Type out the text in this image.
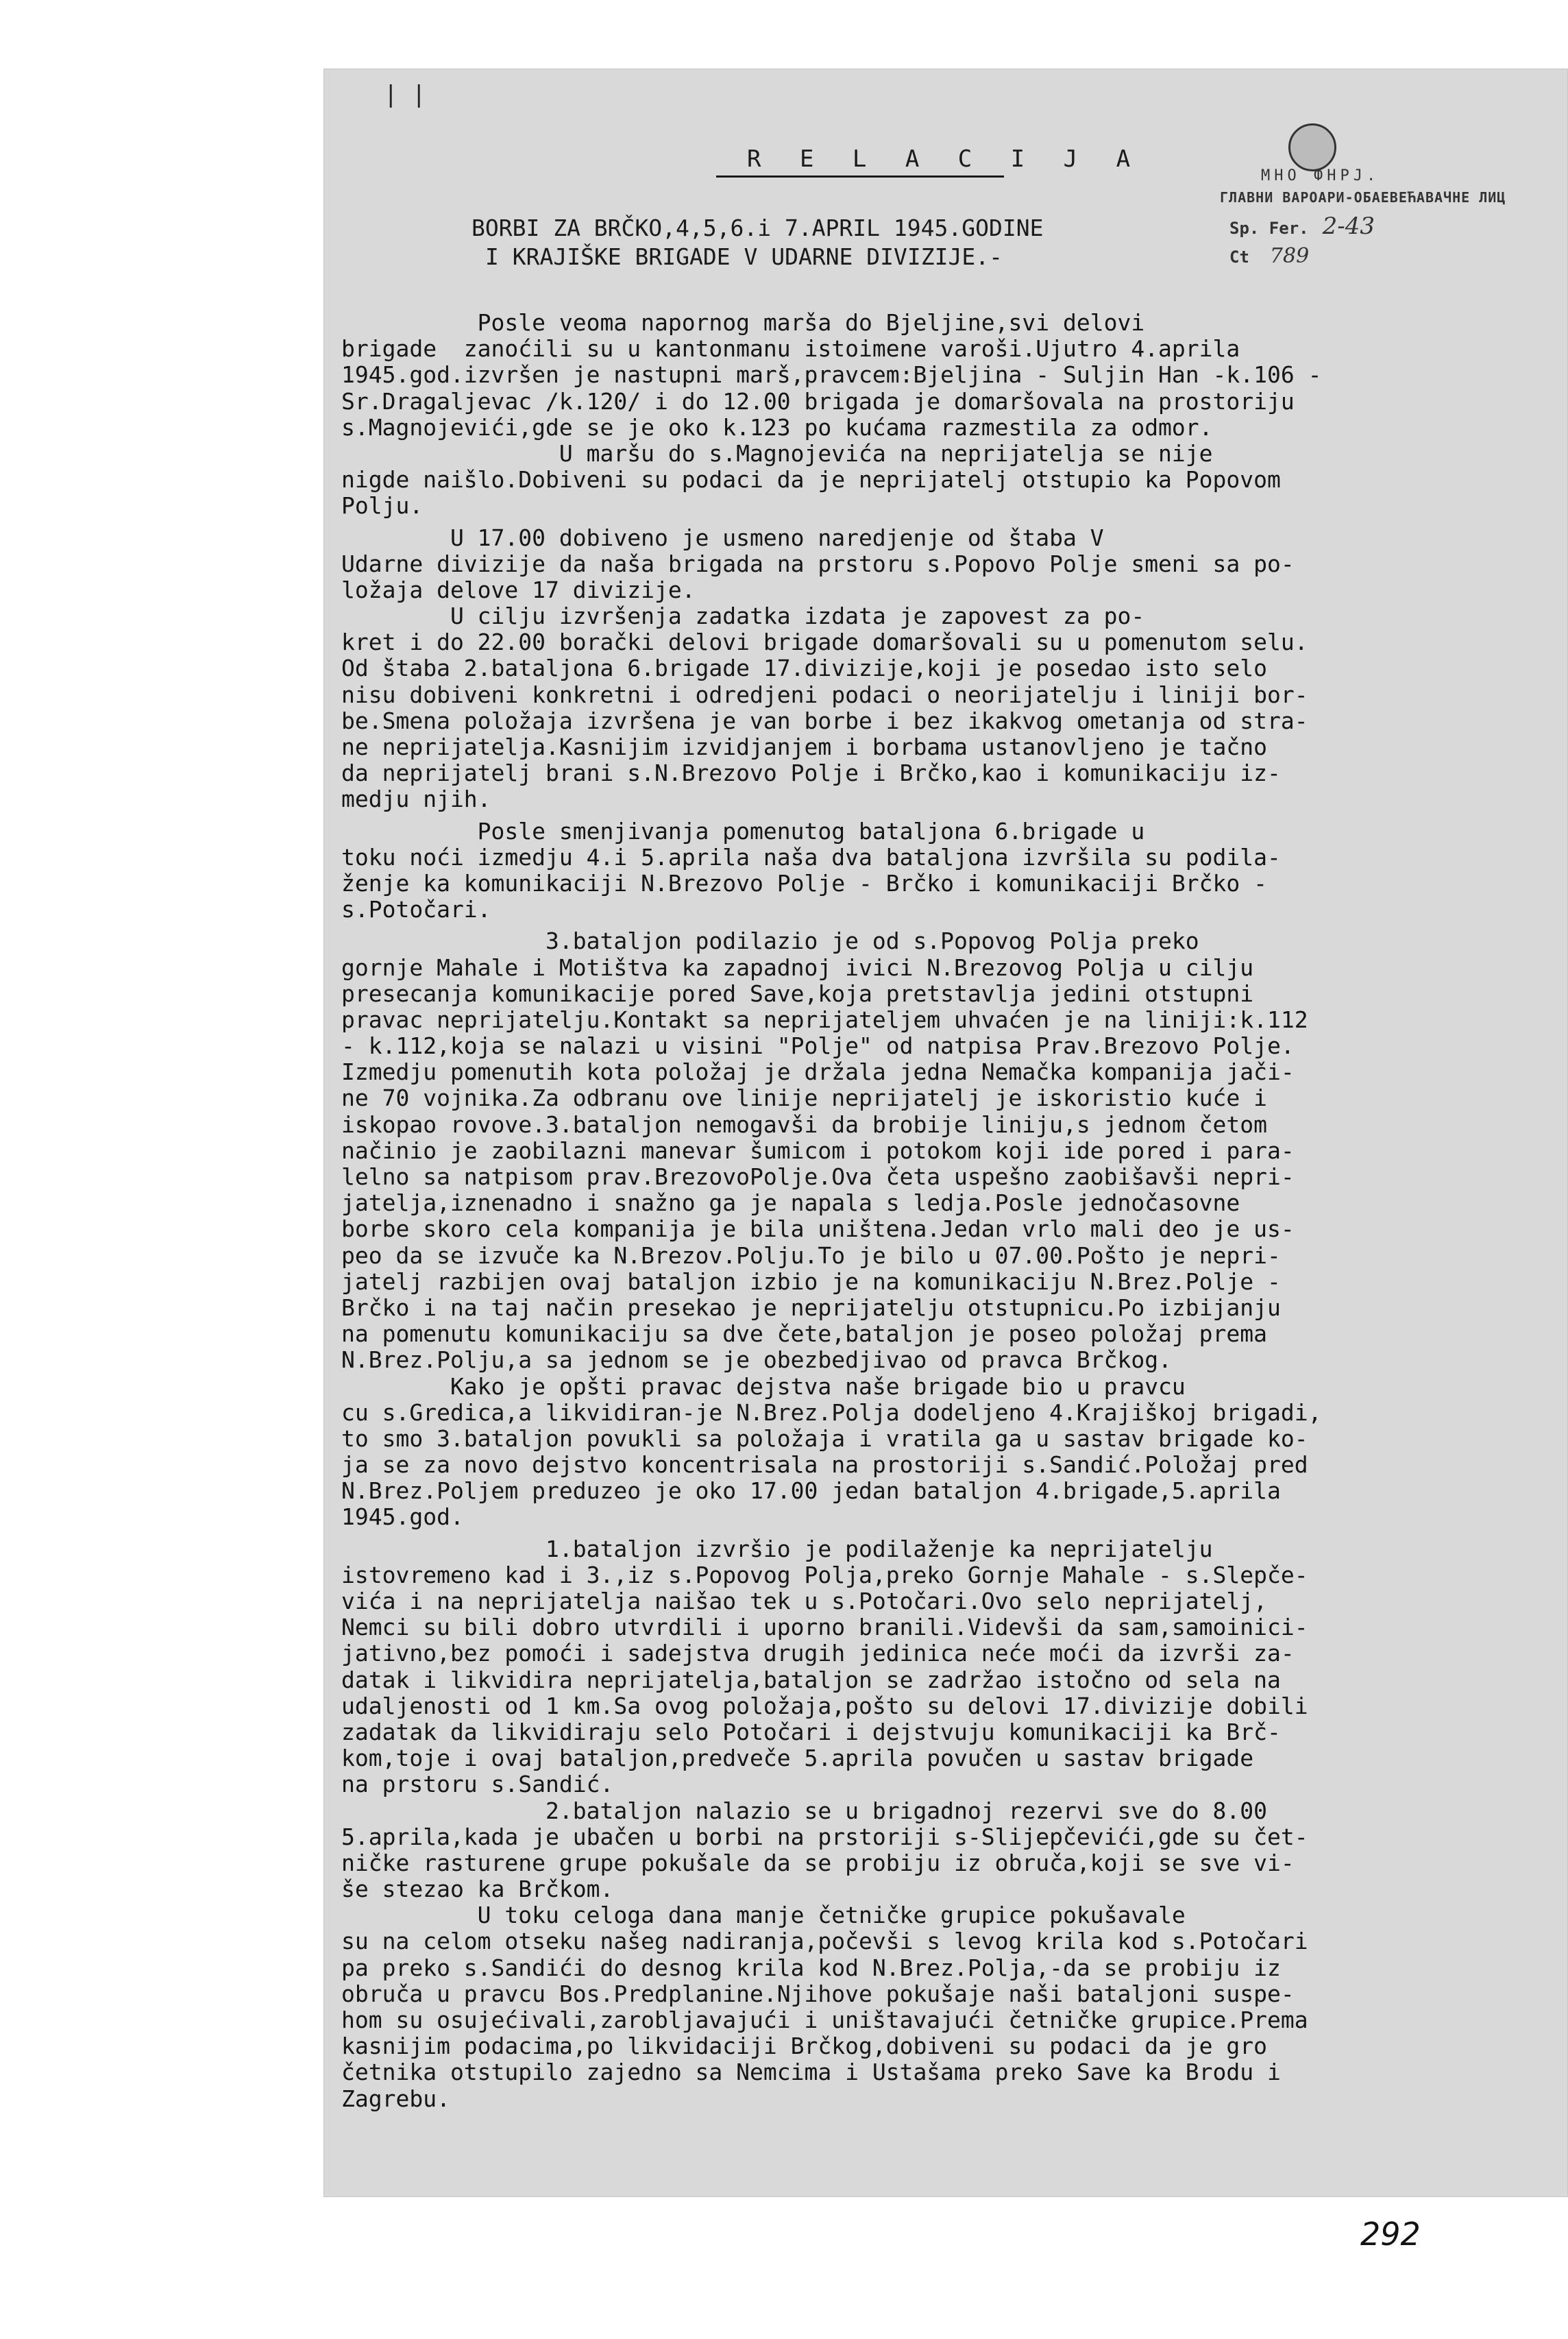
| |
R E L A C I J A
BORBI ZA BRČKO,4,5,6.i 7.APRIL 1945.GODINE
I KRAJIŠKE BRIGADE V UDARNE DIVIZIJE.-
MHO ФHPJ.
ГЛАВНИ ВАРОАРИ-ОБАЕВЕЋАВАЧНЕ ЛИЦ
Sp. Fer. 2-43
Ct 789
Posle veoma napornog marša do Bjeljine,svi delovi
brigade  zanoćili su u kantonmanu istoimene varoši.Ujutro 4.aprila
1945.god.izvršen je nastupni marš,pravcem:Bjeljina - Suljin Han -k.106 -
Sr.Dragaljevac /k.120/ i do 12.00 brigada je domaršovala na prostoriju
s.Magnojevići,gde se je oko k.123 po kućama razmestila za odmor.
U maršu do s.Magnojevića na neprijatelja se nije
nigde naišlo.Dobiveni su podaci da je neprijatelj otstupio ka Popovom
Polju.
U 17.00 dobiveno je usmeno naredjenje od štaba V
Udarne divizije da naša brigada na prstoru s.Popovo Polje smeni sa po-
ložaja delove 17 divizije.
U cilju izvršenja zadatka izdata je zapovest za po-
kret i do 22.00 borački delovi brigade domaršovali su u pomenutom selu.
Od štaba 2.bataljona 6.brigade 17.divizije,koji je posedao isto selo
nisu dobiveni konkretni i odredjeni podaci o neorijatelju i liniji bor-
be.Smena položaja izvršena je van borbe i bez ikakvog ometanja od stra-
ne neprijatelja.Kasnijim izvidjanjem i borbama ustanovljeno je tačno
da neprijatelj brani s.N.Brezovo Polje i Brčko,kao i komunikaciju iz-
medju njih.
Posle smenjivanja pomenutog bataljona 6.brigade u
toku noći izmedju 4.i 5.aprila naša dva bataljona izvršila su podila-
ženje ka komunikaciji N.Brezovo Polje - Brčko i komunikaciji Brčko -
s.Potočari.
3.bataljon podilazio je od s.Popovog Polja preko
gornje Mahale i Motištva ka zapadnoj ivici N.Brezovog Polja u cilju
presecanja komunikacije pored Save,koja pretstavlja jedini otstupni
pravac neprijatelju.Kontakt sa neprijateljem uhvaćen je na liniji:k.112
- k.112,koja se nalazi u visini "Polje" od natpisa Prav.Brezovo Polje.
Izmedju pomenutih kota položaj je držala jedna Nemačka kompanija jači-
ne 70 vojnika.Za odbranu ove linije neprijatelj je iskoristio kuće i
iskopao rovove.3.bataljon nemogavši da brobije liniju,s jednom četom
načinio je zaobilazni manevar šumicom i potokom koji ide pored i para-
lelno sa natpisom prav.BrezovoPolje.Ova četa uspešno zaobišavši nepri-
jatelja,iznenadno i snažno ga je napala s ledja.Posle jednočasovne
borbe skoro cela kompanija je bila uništena.Jedan vrlo mali deo je us-
peo da se izvuče ka N.Brezov.Polju.To je bilo u 07.00.Pošto je nepri-
jatelj razbijen ovaj bataljon izbio je na komunikaciju N.Brez.Polje -
Brčko i na taj način presekao je neprijatelju otstupnicu.Po izbijanju
na pomenutu komunikaciju sa dve čete,bataljon je poseo položaj prema
N.Brez.Polju,a sa jednom se je obezbedjivao od pravca Brčkog.
Kako je opšti pravac dejstva naše brigade bio u pravcu
cu s.Gredica,a likvidiran-je N.Brez.Polja dodeljeno 4.Krajiškoj brigadi,
to smo 3.bataljon povukli sa položaja i vratila ga u sastav brigade ko-
ja se za novo dejstvo koncentrisala na prostoriji s.Sandić.Položaj pred
N.Brez.Poljem preduzeo je oko 17.00 jedan bataljon 4.brigade,5.aprila
1945.god.
1.bataljon izvršio je podilaženje ka neprijatelju
istovremeno kad i 3.,iz s.Popovog Polja,preko Gornje Mahale - s.Slepče-
vića i na neprijatelja naišao tek u s.Potočari.Ovo selo neprijatelj,
Nemci su bili dobro utvrdili i uporno branili.Videvši da sam,samoinici-
jativno,bez pomoći i sadejstva drugih jedinica neće moći da izvrši za-
datak i likvidira neprijatelja,bataljon se zadržao istočno od sela na
udaljenosti od 1 km.Sa ovog položaja,pošto su delovi 17.divizije dobili
zadatak da likvidiraju selo Potočari i dejstvuju komunikaciji ka Brč-
kom,toje i ovaj bataljon,predveče 5.aprila povučen u sastav brigade
na prstoru s.Sandić.
2.bataljon nalazio se u brigadnoj rezervi sve do 8.00
5.aprila,kada je ubačen u borbi na prstoriji s-Slijepčevići,gde su čet-
ničke rasturene grupe pokušale da se probiju iz obruča,koji se sve vi-
še stezao ka Brčkom.
U toku celoga dana manje četničke grupice pokušavale
su na celom otseku našeg nadiranja,počevši s levog krila kod s.Potočari
pa preko s.Sandići do desnog krila kod N.Brez.Polja,-da se probiju iz
obruča u pravcu Bos.Predplanine.Njihove pokušaje naši bataljoni suspe-
hom su osujećivali,zarobljavajući i uništavajući četničke grupice.Prema
kasnijim podacima,po likvidaciji Brčkog,dobiveni su podaci da je gro
četnika otstupilo zajedno sa Nemcima i Ustašama preko Save ka Brodu i
Zagrebu.
292
